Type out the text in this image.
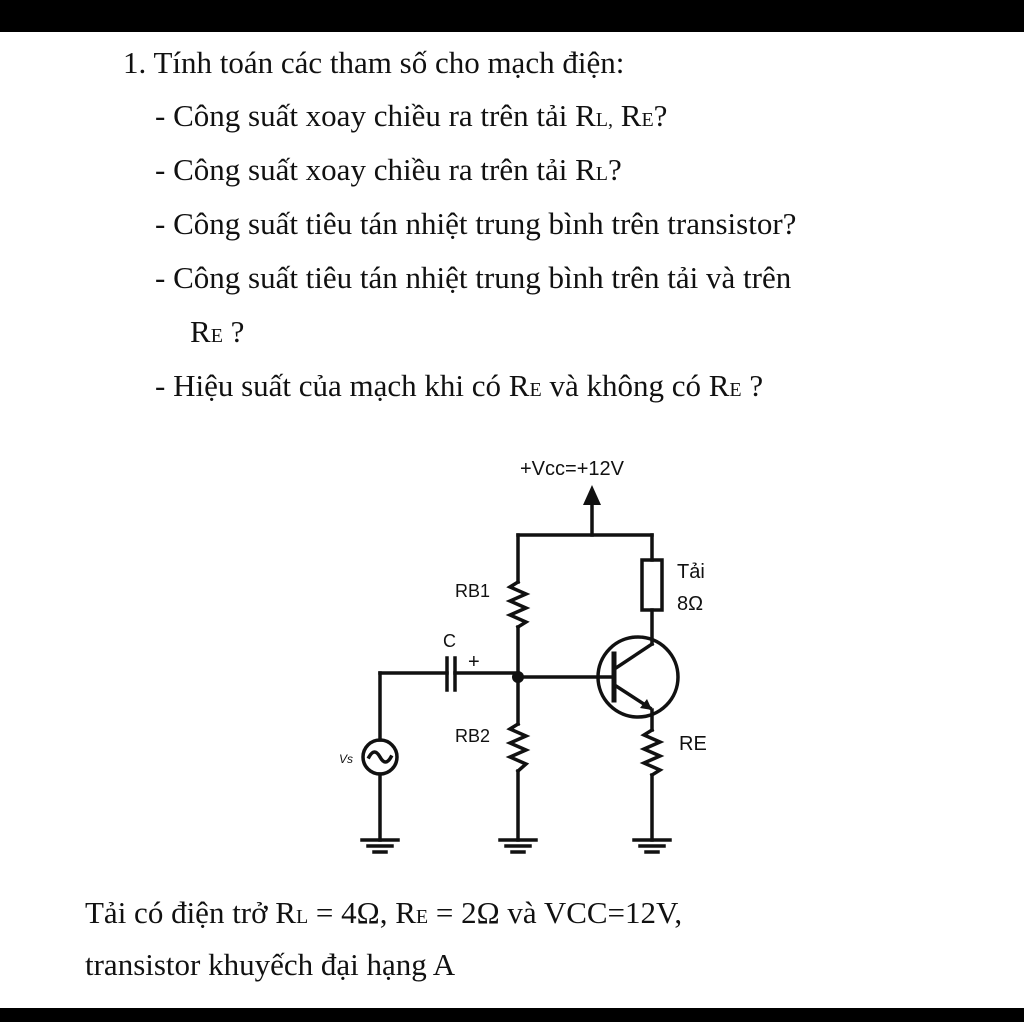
1. Tính toán các tham số cho mạch điện:
- Công suất xoay chiều ra trên tải RL, RE?
- Công suất xoay chiều ra trên tải RL?
- Công suất tiêu tán nhiệt trung bình trên transistor?
- Công suất tiêu tán nhiệt trung bình trên tải và trên
RE ?
- Hiệu suất của mạch khi có RE và không có RE ?
+Vcc=+12V
RB1
RB2
C
+
Tải
8Ω
RE
Vs
Tải có điện trở RL = 4Ω, RE = 2Ω và VCC=12V,
transistor khuyếch đại hạng A
